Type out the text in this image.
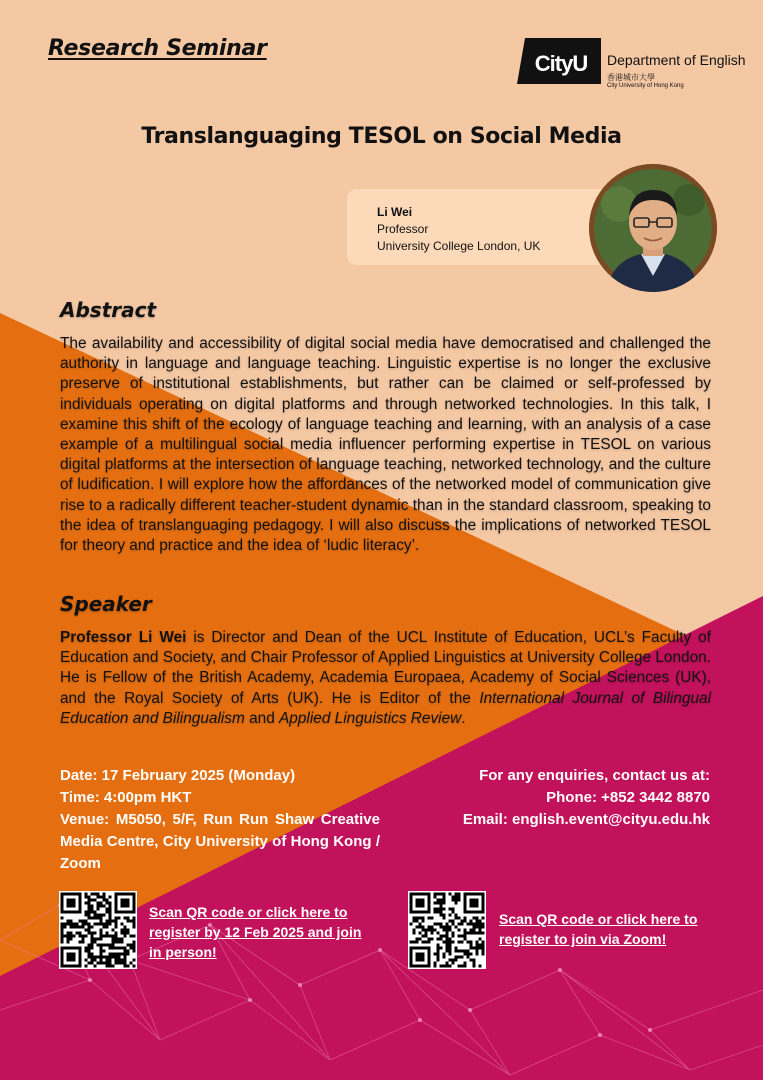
Research Seminar
CityU Department of English
香港城市大學
City University of Hong Kong
Translanguaging TESOL on Social Media
Li Wei
Professor
University College London, UK
Abstract
The availability and accessibility of digital social media have democratised and challenged the authority in language and language teaching. Linguistic expertise is no longer the exclusive preserve of institutional establishments, but rather can be claimed or self-professed by individuals operating on digital platforms and through networked technologies. In this talk, I examine this shift of the ecology of language teaching and learning, with an analysis of a case example of a multilingual social media influencer performing expertise in TESOL on various digital platforms at the intersection of language teaching, networked technology, and the culture of ludification. I will explore how the affordances of the networked model of communication give rise to a radically different teacher-student dynamic than in the standard classroom, speaking to the idea of translanguaging pedagogy. I will also discuss the implications of networked TESOL for theory and practice and the idea of ‘ludic literacy’.
Speaker
Professor Li Wei is Director and Dean of the UCL Institute of Education, UCL’s Faculty of Education and Society, and Chair Professor of Applied Linguistics at University College London. He is Fellow of the British Academy, Academia Europaea, Academy of Social Sciences (UK), and the Royal Society of Arts (UK). He is Editor of the International Journal of Bilingual Education and Bilingualism and Applied Linguistics Review.
Date: 17 February 2025 (Monday)
Time: 4:00pm HKT
Venue: M5050, 5/F, Run Run Shaw Creative Media Centre, City University of Hong Kong / Zoom
For any enquiries, contact us at:
Phone: +852 3442 8870
Email: english.event@cityu.edu.hk
Scan QR code or click here to register by 12 Feb 2025 and join in person!
Scan QR code or click here to register to join via Zoom!
